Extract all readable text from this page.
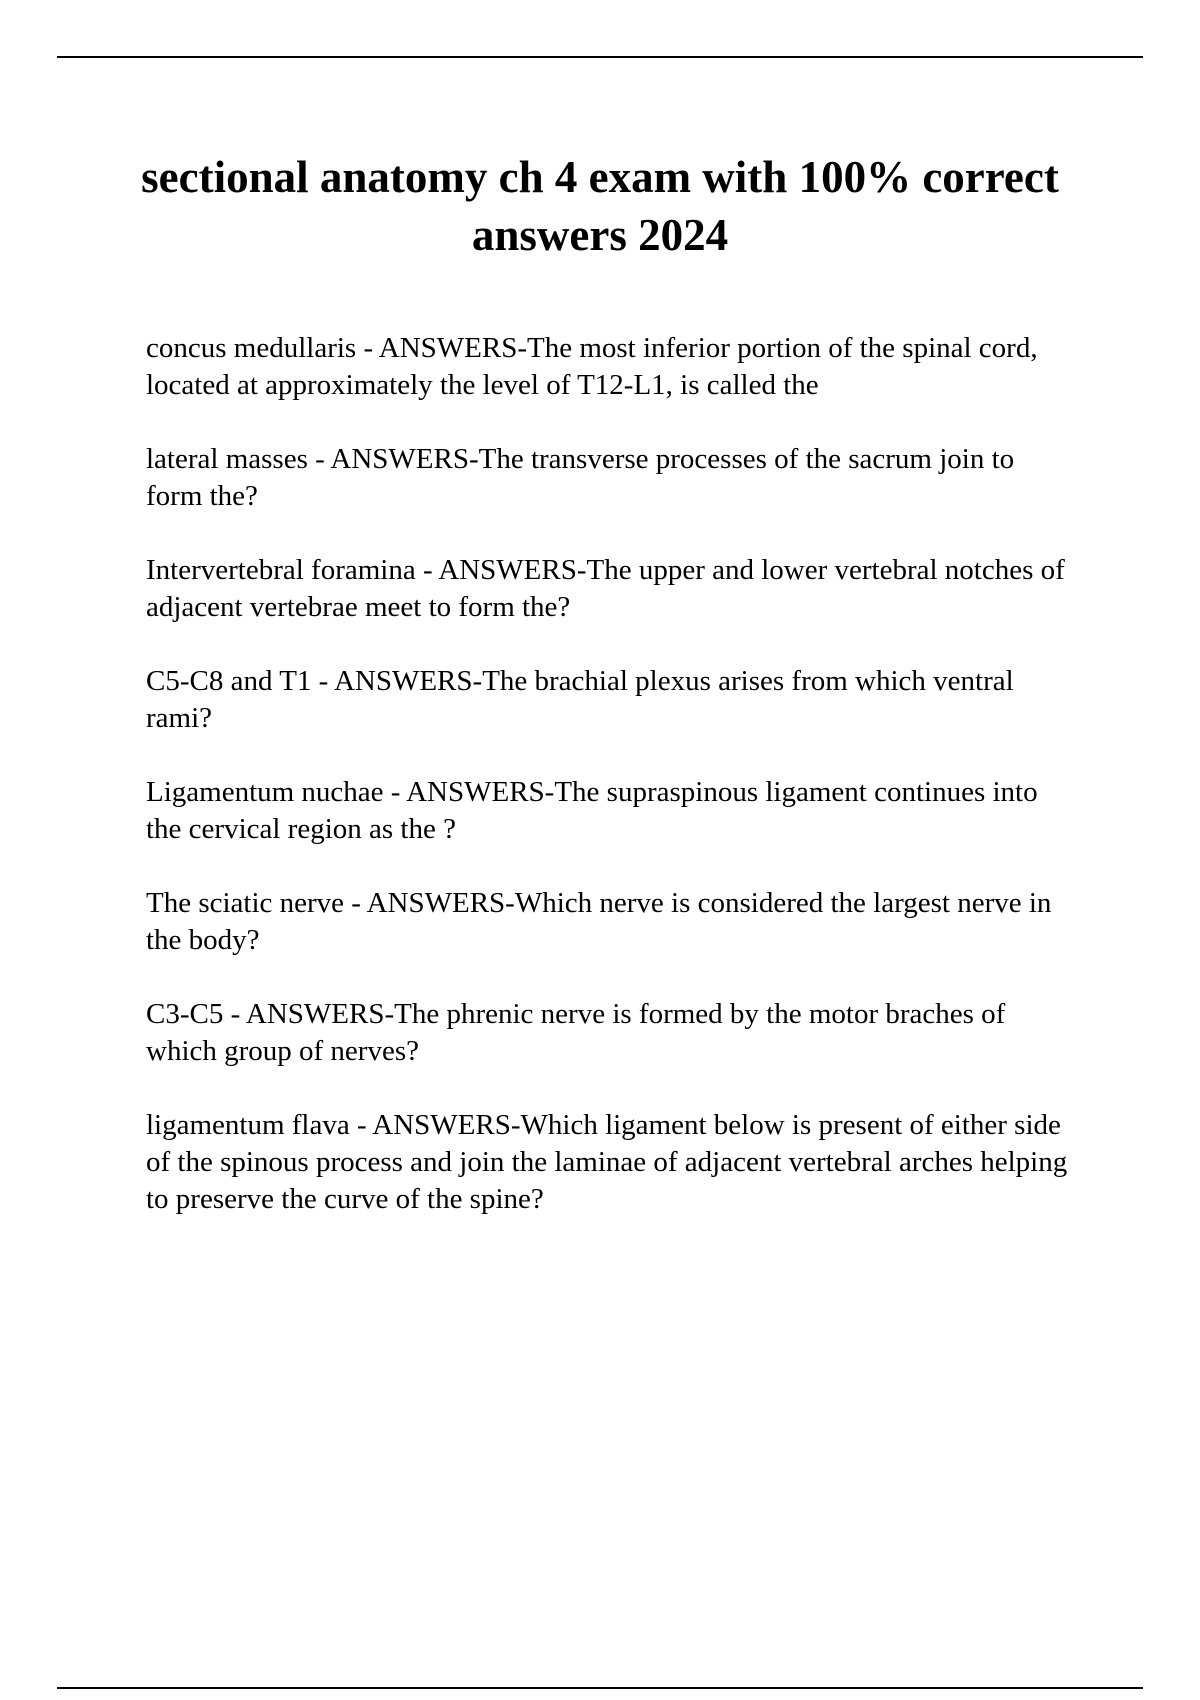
sectional anatomy ch 4 exam with 100% correct answers 2024
concus medullaris - ANSWERS-The most inferior portion of the spinal cord, located at approximately the level of T12-L1, is called the
lateral masses - ANSWERS-The transverse processes of the sacrum join to form the?
Intervertebral foramina - ANSWERS-The upper and lower vertebral notches of adjacent vertebrae meet to form the?
C5-C8 and T1 - ANSWERS-The brachial plexus arises from which ventral rami?
Ligamentum nuchae - ANSWERS-The supraspinous ligament continues into the cervical region as the ?
The sciatic nerve - ANSWERS-Which nerve is considered the largest nerve in the body?
C3-C5 - ANSWERS-The phrenic nerve is formed by the motor braches of which group of nerves?
ligamentum flava - ANSWERS-Which ligament below is present of either side of the spinous process and join the laminae of adjacent vertebral arches helping to preserve the curve of the spine?
